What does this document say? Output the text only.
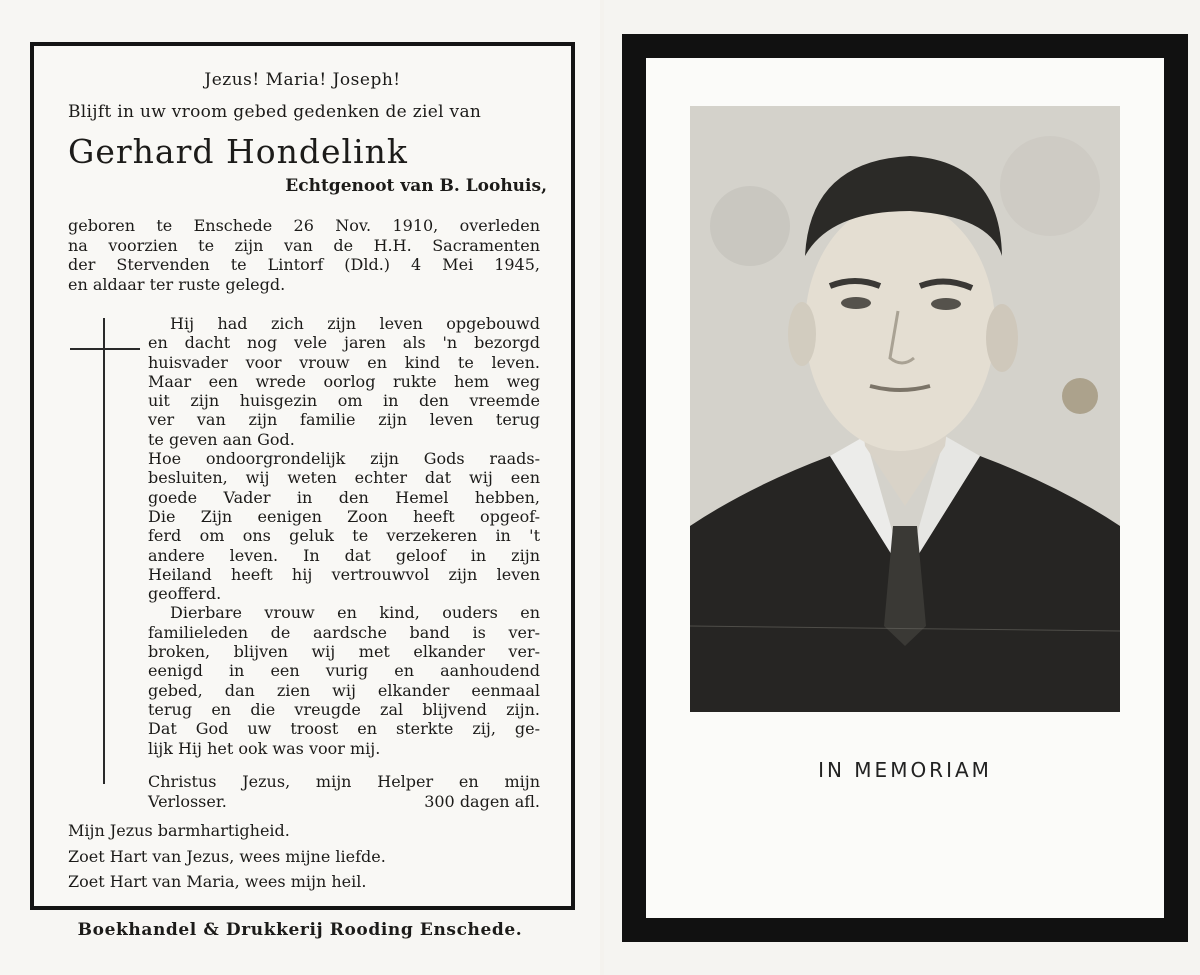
Jezus! Maria! Joseph!
Blijft in uw vroom gebed gedenken de ziel van
Gerhard Hondelink
Echtgenoot van B. Loohuis,
geboren te Enschede 26 Nov. 1910, overleden
na voorzien te zijn van de H.H. Sacramenten
der Stervenden te Lintorf (Dld.) 4 Mei 1945,
en aldaar ter ruste gelegd.
Hij had zich zijn leven opgebouwd
en dacht nog vele jaren als 'n bezorgd
huisvader voor vrouw en kind te leven.
Maar een wrede oorlog rukte hem weg
uit zijn huisgezin om in den vreemde
ver van zijn familie zijn leven terug
te geven aan God.
Hoe ondoorgrondelijk zijn Gods raads-
besluiten, wij weten echter dat wij een
goede Vader in den Hemel hebben,
Die Zijn eenigen Zoon heeft opgeof-
ferd om ons geluk te verzekeren in 't
andere leven. In dat geloof in zijn
Heiland heeft hij vertrouwvol zijn leven
geofferd.
Dierbare vrouw en kind, ouders en
familieleden de aardsche band is ver-
broken, blijven wij met elkander ver-
eenigd in een vurig en aanhoudend
gebed, dan zien wij elkander eenmaal
terug en die vreugde zal blijvend zijn.
Dat God uw troost en sterkte zij, ge-
lijk Hij het ook was voor mij.
Christus Jezus, mijn Helper en mijn
Verlosser.	300 dagen afl.
Mijn Jezus barmhartigheid.
Zoet Hart van Jezus, wees mijne liefde.
Zoet Hart van Maria, wees mijn heil.
Boekhandel & Drukkerij Rooding Enschede.
IN MEMORIAM
